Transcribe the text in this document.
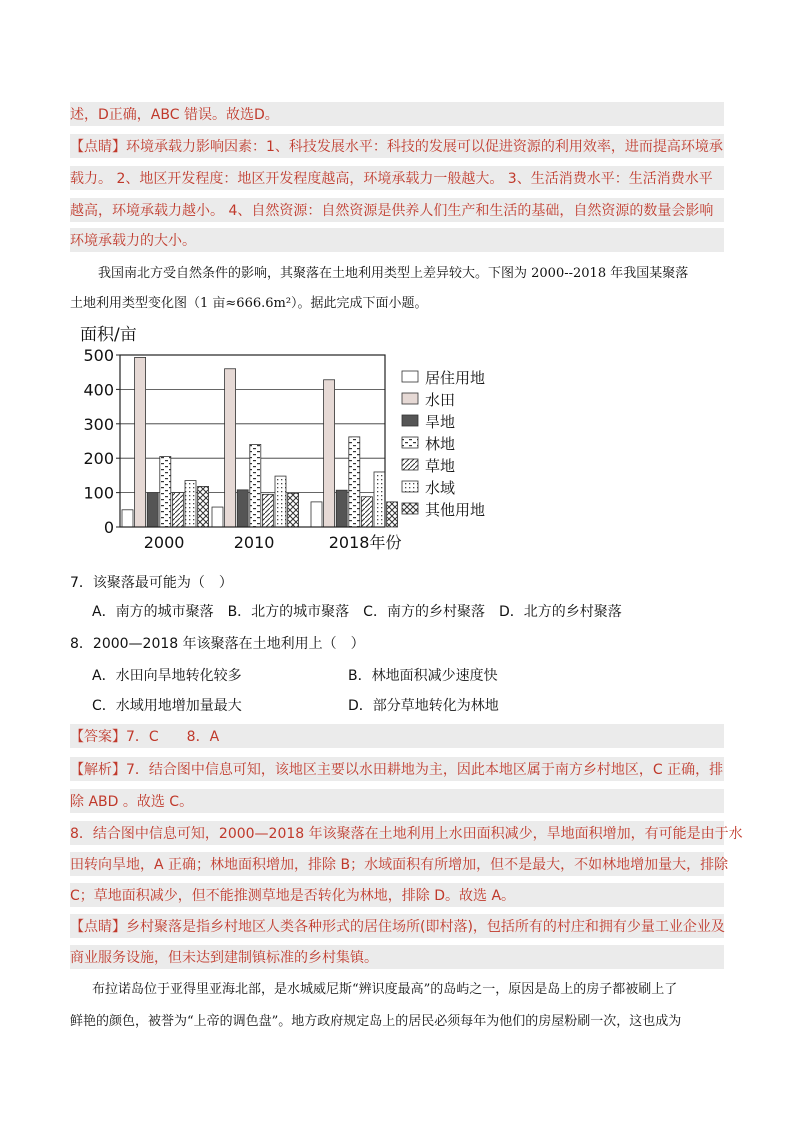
述，D正确，ABC 错误。故选D。
【点睛】环境承载力影响因素：1、科技发展水平：科技的发展可以促进资源的利用效率，进而提高环境承
载力。 2、地区开发程度：地区开发程度越高，环境承载力一般越大。 3、生活消费水平：生活消费水平
越高，环境承载力越小。 4、自然资源：自然资源是供养人们生产和生活的基础，自然资源的数量会影响
环境承载力的大小。
我国南北方受自然条件的影响，其聚落在土地利用类型上差异较大。下图为 2000--2018 年我国某聚落
土地利用类型变化图（1 亩≈666.6m²）。据此完成下面小题。
面积/亩
0
100
200
300
400
500
2000	2010	2018年份
居住用地
水田
旱地
林地
草地
水域
其他用地
7．该聚落最可能为（　）
A．南方的城市聚落　B．北方的城市聚落　C．南方的乡村聚落　D．北方的乡村聚落
8．2000—2018 年该聚落在土地利用上（　）
A．水田向旱地转化较多	B．林地面积减少速度快
C．水域用地增加量最大	D．部分草地转化为林地
【答案】7．C　　8．A
【解析】7．结合图中信息可知，该地区主要以水田耕地为主，因此本地区属于南方乡村地区，C 正确，排
除 ABD 。故选 C。
8．结合图中信息可知，2000—2018 年该聚落在土地利用上水田面积减少，旱地面积增加，有可能是由于水
田转向旱地，A 正确；林地面积增加，排除 B；水域面积有所增加，但不是最大，不如林地增加量大，排除
C；草地面积减少，但不能推测草地是否转化为林地，排除 D。故选 A。
【点睛】乡村聚落是指乡村地区人类各种形式的居住场所(即村落)，包括所有的村庄和拥有少量工业企业及
商业服务设施，但未达到建制镇标准的乡村集镇。
布拉诺岛位于亚得里亚海北部，是水城威尼斯“辨识度最高”的岛屿之一，原因是岛上的房子都被刷上了
鲜艳的颜色，被誉为“上帝的调色盘”。地方政府规定岛上的居民必须每年为他们的房屋粉刷一次，这也成为
